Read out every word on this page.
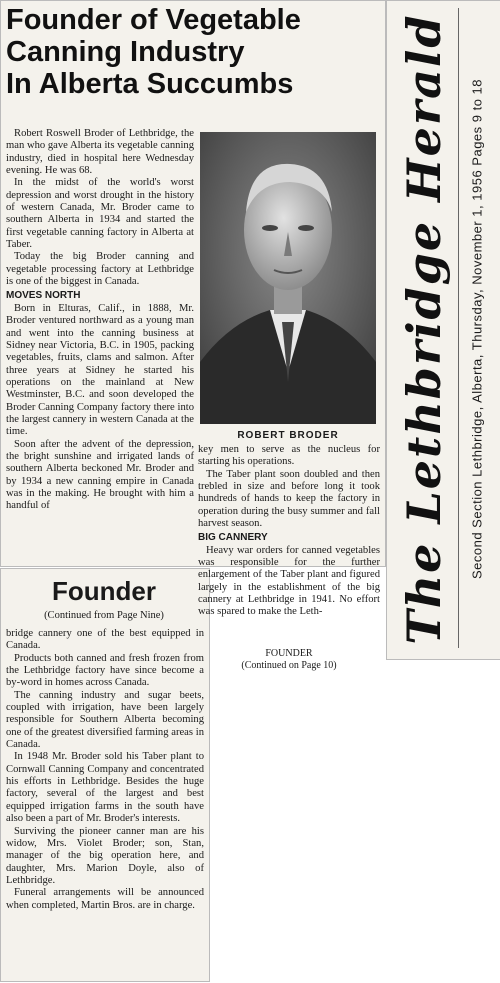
Founder of Vegetable
Canning Industry
In Alberta Succumbs

Robert Roswell Broder of Lethbridge, the man who gave Alberta its vegetable canning industry, died in hospital here Wednesday evening. He was 68.

In the midst of the world's worst depression and worst drought in the history of western Canada, Mr. Broder came to southern Alberta in 1934 and started the first vegetable canning factory in Alberta at Taber.

Today the big Broder canning and vegetable processing factory at Lethbridge is one of the biggest in Canada.

MOVES NORTH

Born in Elturas, Calif., in 1888, Mr. Broder ventured northward as a young man and went into the canning business at Sidney near Victoria, B.C. in 1905, packing vegetables, fruits, clams and salmon. After three years at Sidney he started his operations on the mainland at New Westminster, B.C. and soon developed the Broder Canning Company factory there into the largest cannery in western Canada at the time.

Soon after the advent of the depression, the bright sunshine and irrigated lands of southern Alberta beckoned Mr. Broder and by 1934 a new canning empire in Canada was in the making. He brought with him a handful of

ROBERT BRODER

key men to serve as the nucleus for starting his operations.

The Taber plant soon doubled and then trebled in size and before long it took hundreds of hands to keep the factory in operation during the busy summer and fall harvest season.

BIG CANNERY

Heavy war orders for canned vegetables was responsible for the further enlargement of the Taber plant and figured largely in the establishment of the big cannery at Lethbridge in 1941. No effort was spared to make the Leth-

FOUNDER
(Continued on Page 10)
Founder
(Continued from Page Nine)

bridge cannery one of the best equipped in Canada.

Products both canned and fresh frozen from the Lethbridge factory have since become a by-word in homes across Canada.

The canning industry and sugar beets, coupled with irrigation, have been largely responsible for Southern Alberta becoming one of the greatest diversified farming areas in Canada.

In 1948 Mr. Broder sold his Taber plant to Cornwall Canning Company and concentrated his efforts in Lethbridge. Besides the huge factory, several of the largest and best equipped irrigation farms in the south have also been a part of Mr. Broder's interests.

Surviving the pioneer canner man are his widow, Mrs. Violet Broder; son, Stan, manager of the big operation here, and daughter, Mrs. Marion Doyle, also of Lethbridge.

Funeral arrangements will be announced when completed, Martin Bros. are in charge.

The Lethbridge Herald Second Section Lethbridge, Alberta, Thursday, November 1, 1956 Pages 9 to 18
